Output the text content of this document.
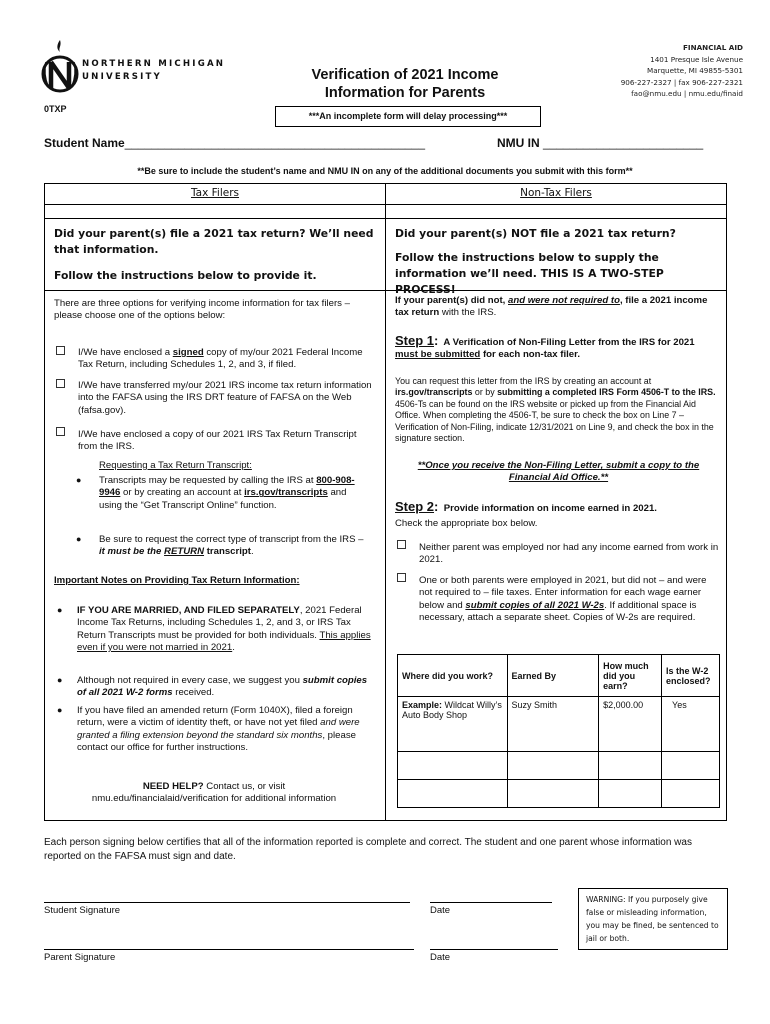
NORTHERN MICHIGAN
UNIVERSITY
0TXP
Verification of 2021 Income
Information for Parents
FINANCIAL AID
1401 Presque Isle Avenue
Marquette, MI 49855-5301
906-227-2327 | fax 906-227-2321
fao@nmu.edu | nmu.edu/finaid
***An incomplete form will delay processing***
Student Name_____________________________________________	NMU IN ________________________
**Be sure to include the student’s name and NMU IN on any of the additional documents you submit with this form**
Tax Filers	Non-Tax Filers
Did your parent(s) file a 2021 tax return? We’ll need that information.
Follow the instructions below to provide it.
There are three options for verifying income information for tax filers – please choose one of the options below:
I/We have enclosed a signed copy of my/our 2021 Federal Income Tax Return, including Schedules 1, 2, and 3, if filed.
I/We have transferred my/our 2021 IRS income tax return information into the FAFSA using the IRS DRT feature of FAFSA on the Web (fafsa.gov).
I/We have enclosed a copy of our 2021 IRS Tax Return Transcript from the IRS.
Requesting a Tax Return Transcript:
● Transcripts may be requested by calling the IRS at 800-908-9946 or by creating an account at irs.gov/transcripts and using the “Get Transcript Online” function.
● Be sure to request the correct type of transcript from the IRS – it must be the RETURN transcript.
Important Notes on Providing Tax Return Information:
● IF YOU ARE MARRIED, AND FILED SEPARATELY, 2021 Federal Income Tax Returns, including Schedules 1, 2, and 3, or IRS Tax Return Transcripts must be provided for both individuals. This applies even if you were not married in 2021.
● Although not required in every case, we suggest you submit copies of all 2021 W-2 forms received.
● If you have filed an amended return (Form 1040X), filed a foreign return, were a victim of identity theft, or have not yet filed and were granted a filing extension beyond the standard six months, please contact our office for further instructions.
NEED HELP? Contact us, or visit
nmu.edu/financialaid/verification for additional information
Did your parent(s) NOT file a 2021 tax return?
Follow the instructions below to supply the information we’ll need. THIS IS A TWO-STEP PROCESS!
If your parent(s) did not, and were not required to, file a 2021 income tax return with the IRS.
Step 1: A Verification of Non-Filing Letter from the IRS for 2021 must be submitted for each non-tax filer.
You can request this letter from the IRS by creating an account at irs.gov/transcripts or by submitting a completed IRS Form 4506-T to the IRS. 4506-Ts can be found on the IRS website or picked up from the Financial Aid Office. When completing the 4506-T, be sure to check the box on Line 7 – Verification of Non-Filing, indicate 12/31/2021 on Line 9, and check the box in the signature section.
**Once you receive the Non-Filing Letter, submit a copy to the Financial Aid Office.**
Step 2: Provide information on income earned in 2021.
Check the appropriate box below.
Neither parent was employed nor had any income earned from work in 2021.
One or both parents were employed in 2021, but did not – and were not required to – file taxes. Enter information for each wage earner below and submit copies of all 2021 W-2s. If additional space is necessary, attach a separate sheet. Copies of W-2s are required.
Where did you work?	Earned By	How much did you earn?	Is the W-2 enclosed?
Example: Wildcat Willy’s Auto Body Shop	Suzy Smith	$2,000.00	Yes

Each person signing below certifies that all of the information reported is complete and correct. The student and one parent whose information was reported on the FAFSA must sign and date.
Student Signature	Date
Parent Signature	Date
WARNING: If you purposely give false or misleading information, you may be fined, be sentenced to jail or both.
